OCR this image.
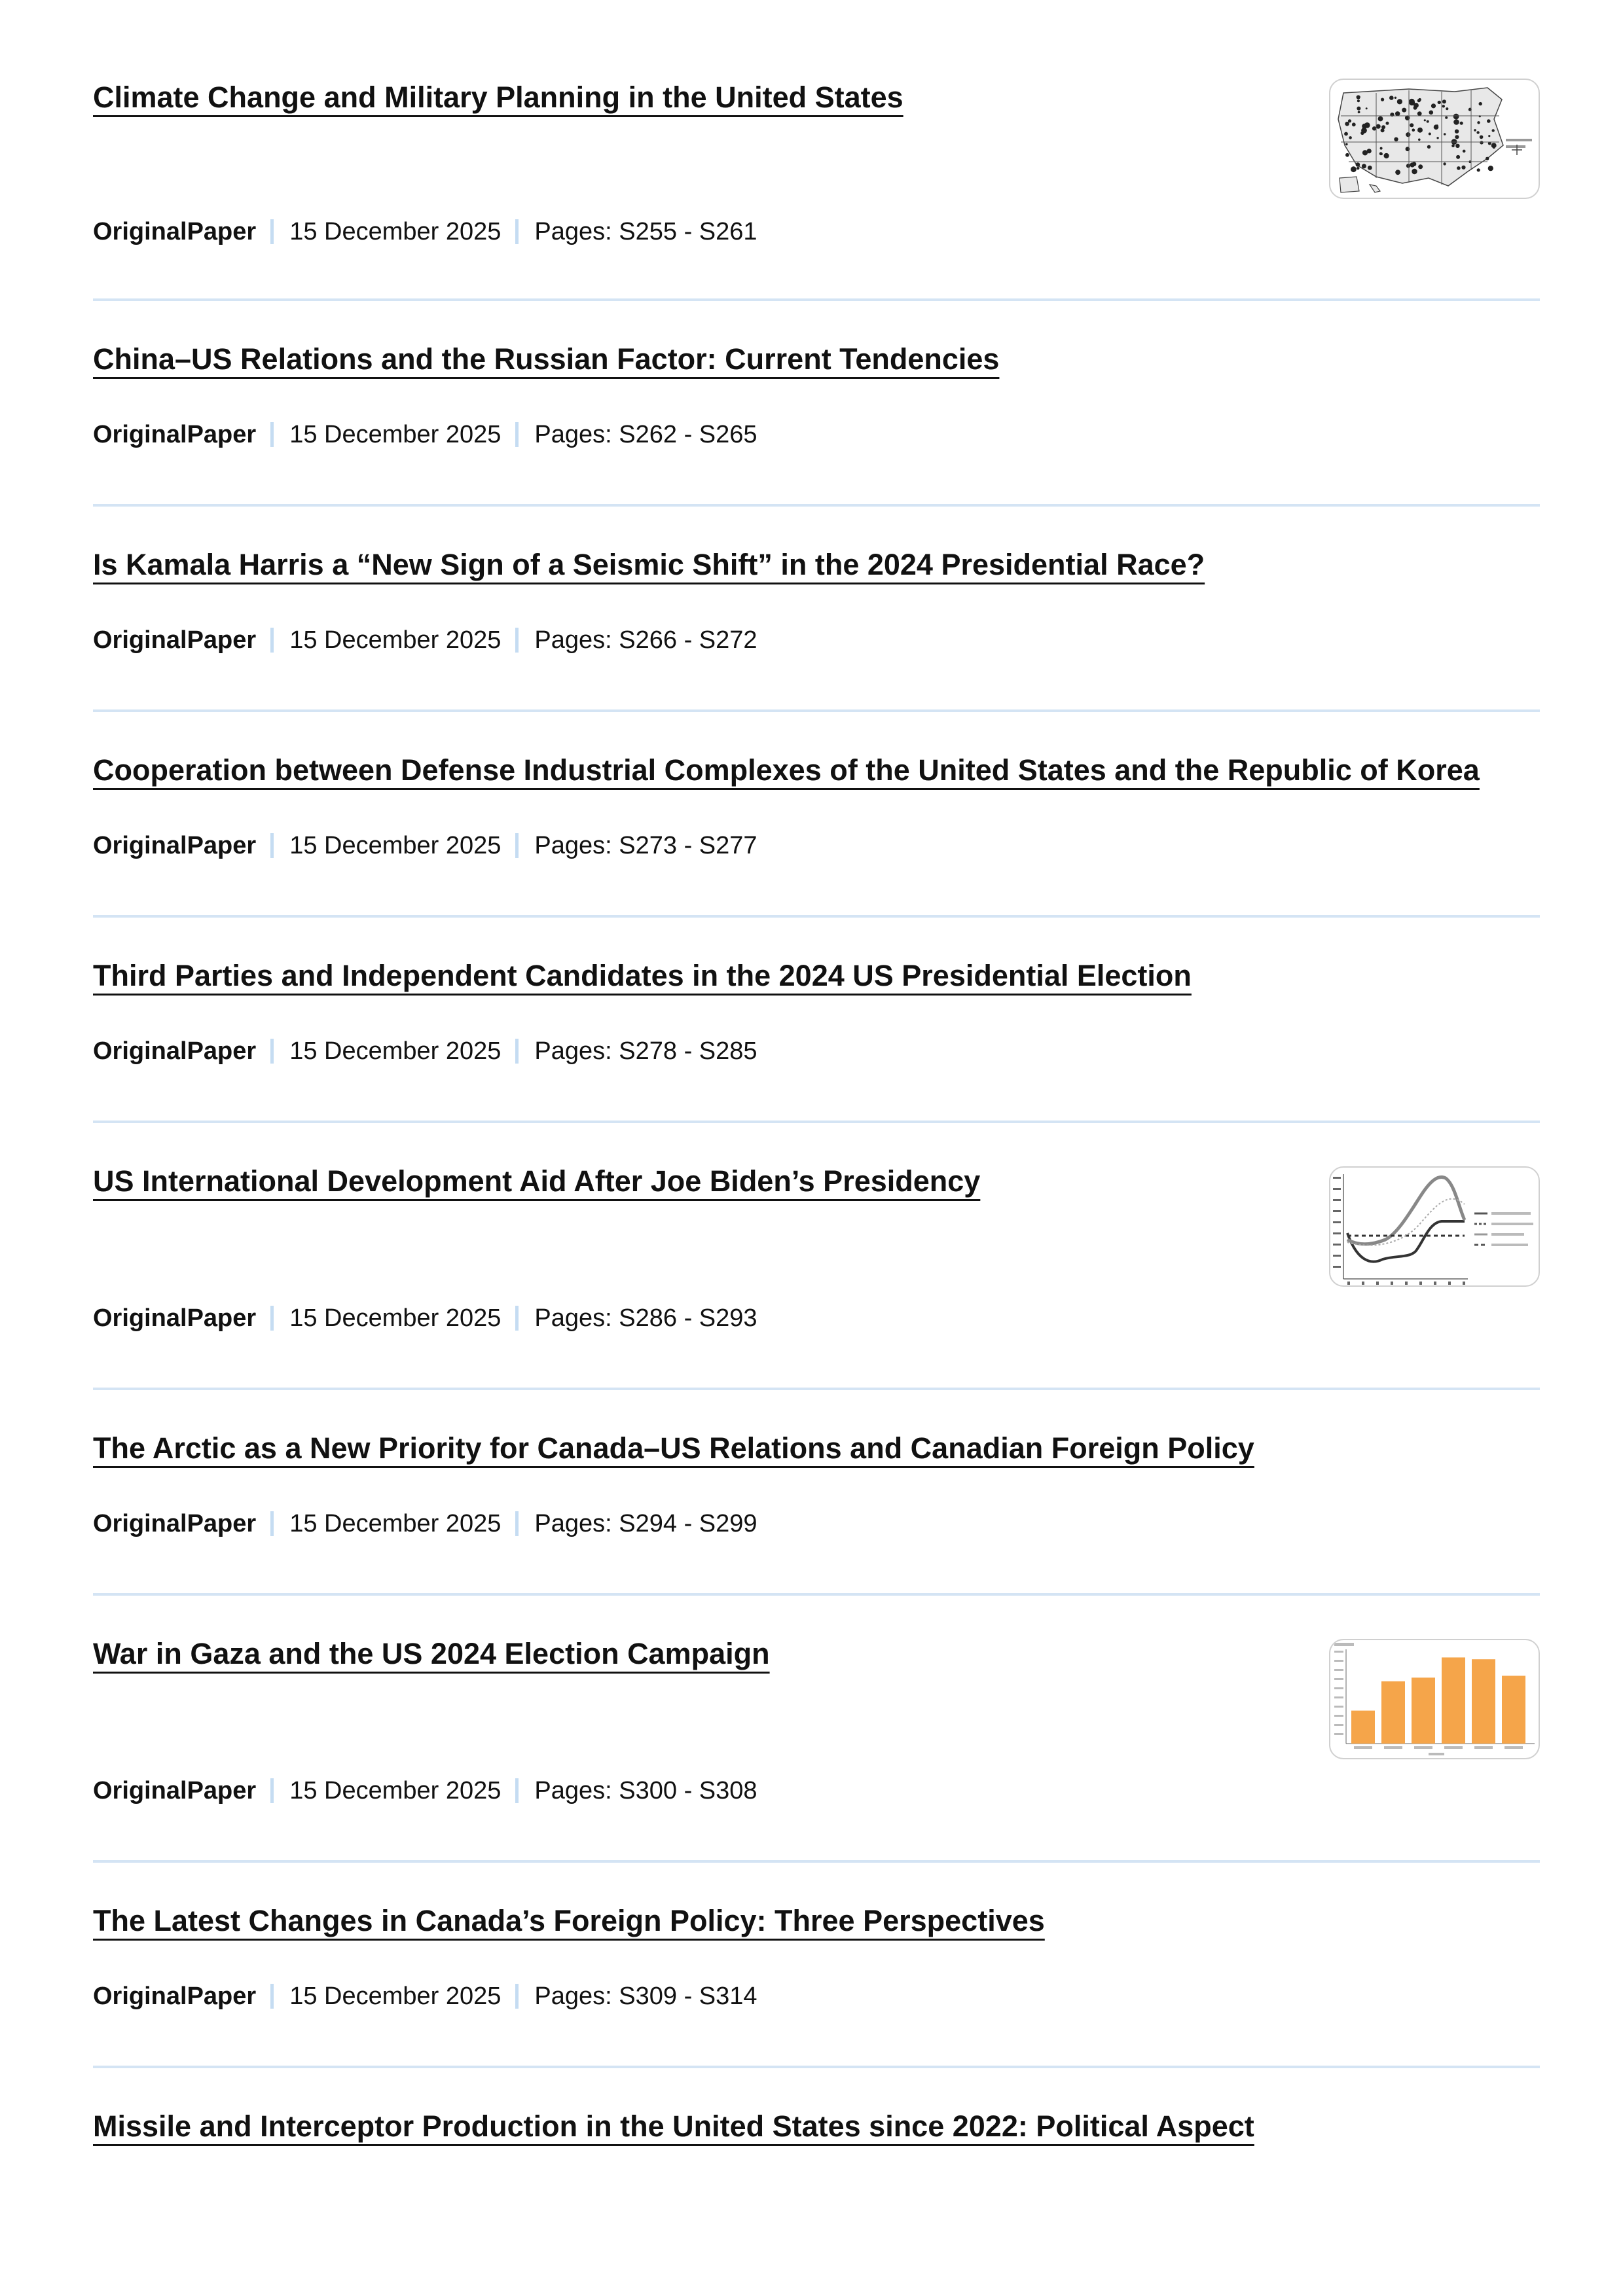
Climate Change and Military Planning in the United States
OriginalPaper 15 December 2025 Pages: S255 - S261
China–US Relations and the Russian Factor: Current Tendencies
OriginalPaper 15 December 2025 Pages: S262 - S265
Is Kamala Harris a “New Sign of a Seismic Shift” in the 2024 Presidential Race?
OriginalPaper 15 December 2025 Pages: S266 - S272
Cooperation between Defense Industrial Complexes of the United States and the Republic of Korea
OriginalPaper 15 December 2025 Pages: S273 - S277
Third Parties and Independent Candidates in the 2024 US Presidential Election
OriginalPaper 15 December 2025 Pages: S278 - S285
US International Development Aid After Joe Biden’s Presidency
OriginalPaper 15 December 2025 Pages: S286 - S293
The Arctic as a New Priority for Canada–US Relations and Canadian Foreign Policy
OriginalPaper 15 December 2025 Pages: S294 - S299
War in Gaza and the US 2024 Election Campaign
OriginalPaper 15 December 2025 Pages: S300 - S308
The Latest Changes in Canada’s Foreign Policy: Three Perspectives
OriginalPaper 15 December 2025 Pages: S309 - S314
Missile and Interceptor Production in the United States since 2022: Political Aspect
